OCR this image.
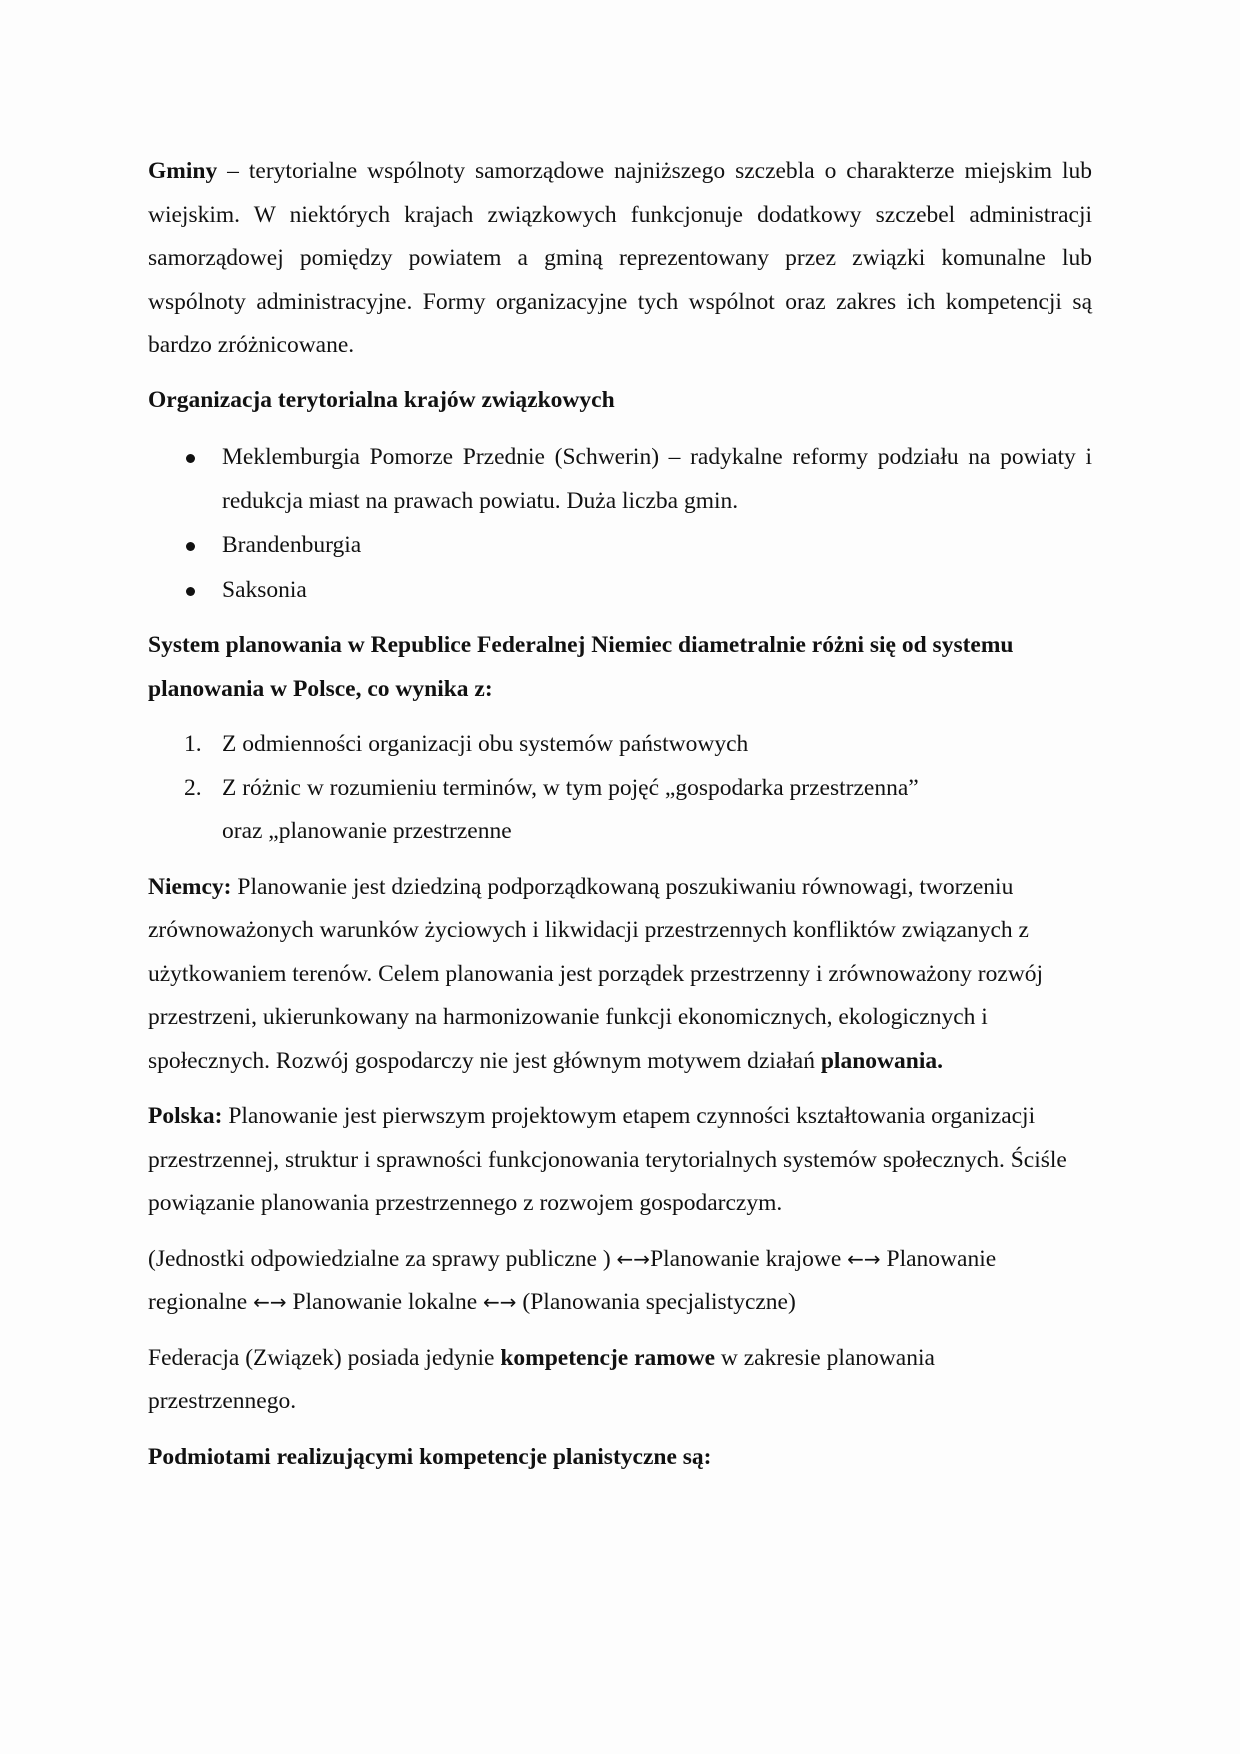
Gminy – terytorialne wspólnoty samorządowe najniższego szczebla o charakterze miejskim lub wiejskim. W niektórych krajach związkowych funkcjonuje dodatkowy szczebel administracji samorządowej pomiędzy powiatem a gminą reprezentowany przez związki komunalne lub wspólnoty administracyjne. Formy organizacyjne tych wspólnot oraz zakres ich kompetencji są bardzo zróżnicowane.

Organizacja terytorialna krajów związkowych

Meklemburgia Pomorze Przednie (Schwerin) – radykalne reformy podziału na powiaty i redukcja miast na prawach powiatu. Duża liczba gmin.
Brandenburgia
Saksonia

System planowania w Republice Federalnej Niemiec diametralnie różni się od systemu planowania w Polsce, co wynika z:

1. Z odmienności organizacji obu systemów państwowych
2. Z różnic w rozumieniu terminów, w tym pojęć „gospodarka przestrzenna” oraz „planowanie przestrzenne

Niemcy: Planowanie jest dziedziną podporządkowaną poszukiwaniu równowagi, tworzeniu zrównoważonych warunków życiowych i likwidacji przestrzennych konfliktów związanych z użytkowaniem terenów. Celem planowania jest porządek przestrzenny i zrównoważony rozwój przestrzeni, ukierunkowany na harmonizowanie funkcji ekonomicznych, ekologicznych i społecznych. Rozwój gospodarczy nie jest głównym motywem działań planowania.

Polska: Planowanie jest pierwszym projektowym etapem czynności kształtowania organizacji przestrzennej, struktur i sprawności funkcjonowania terytorialnych systemów społecznych. Ściśle powiązanie planowania przestrzennego z rozwojem gospodarczym.

(Jednostki odpowiedzialne za sprawy publiczne ) ←→Planowanie krajowe ←→ Planowanie regionalne ←→ Planowanie lokalne ←→ (Planowania specjalistyczne)

Federacja (Związek) posiada jedynie kompetencje ramowe w zakresie planowania przestrzennego.

Podmiotami realizującymi kompetencje planistyczne są:
